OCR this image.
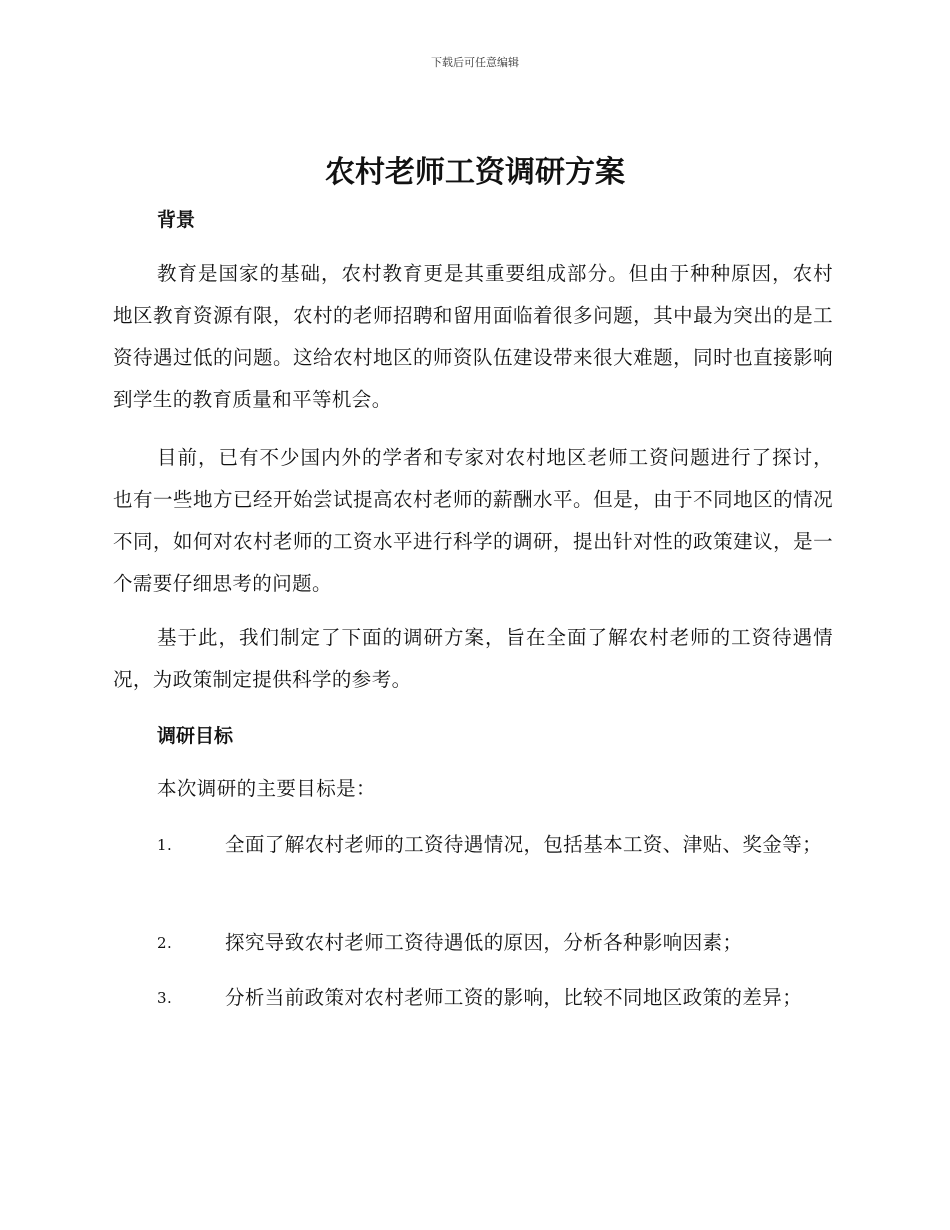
下载后可任意编辑
农村老师工资调研方案
背景

教育是国家的基础，农村教育更是其重要组成部分。但由于种种原因，农村地区教育资源有限，农村的老师招聘和留用面临着很多问题，其中最为突出的是工资待遇过低的问题。这给农村地区的师资队伍建设带来很大难题，同时也直接影响到学生的教育质量和平等机会。

目前，已有不少国内外的学者和专家对农村地区老师工资问题进行了探讨，也有一些地方已经开始尝试提高农村老师的薪酬水平。但是，由于不同地区的情况不同，如何对农村老师的工资水平进行科学的调研，提出针对性的政策建议，是一个需要仔细思考的问题。

基于此，我们制定了下面的调研方案，旨在全面了解农村老师的工资待遇情况，为政策制定提供科学的参考。

调研目标

本次调研的主要目标是：

1.	全面了解农村老师的工资待遇情况，包括基本工资、津贴、奖金等；
2.	探究导致农村老师工资待遇低的原因，分析各种影响因素；
3.	分析当前政策对农村老师工资的影响，比较不同地区政策的差异；
